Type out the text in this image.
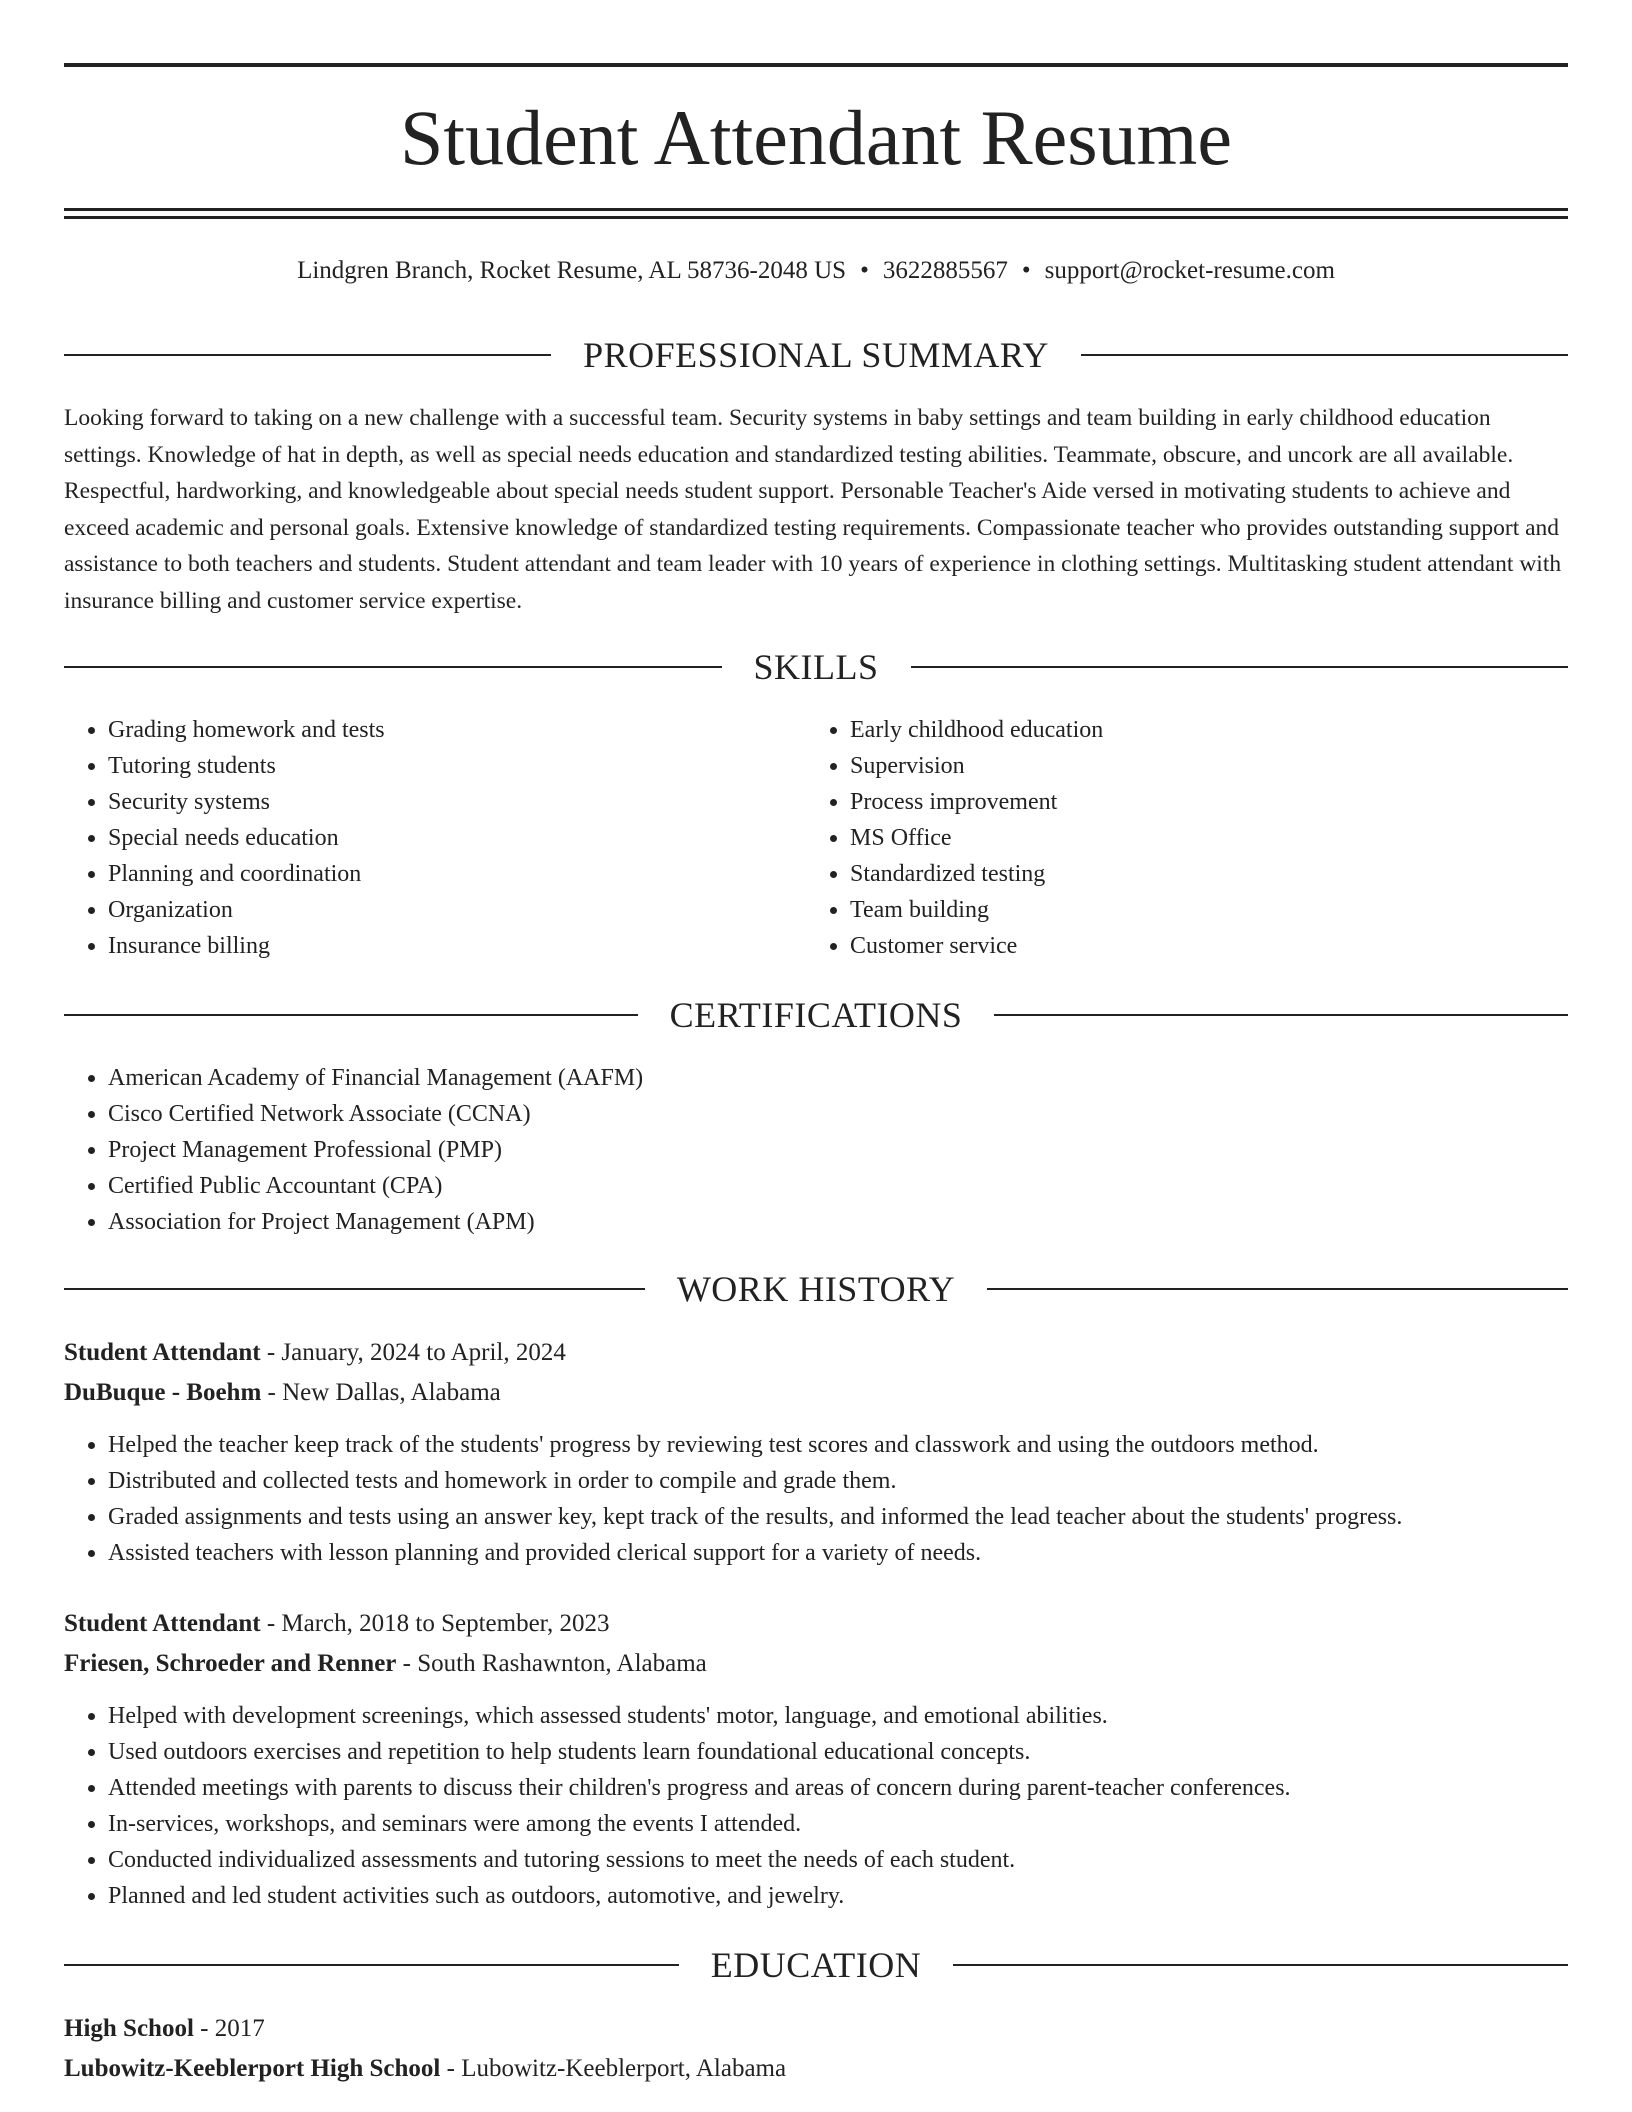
Student Attendant Resume
Lindgren Branch, Rocket Resume, AL 58736-2048 US • 3622885567 • support@rocket-resume.com
PROFESSIONAL SUMMARY

Looking forward to taking on a new challenge with a successful team. Security systems in baby settings and team building in early childhood education settings. Knowledge of hat in depth, as well as special needs education and standardized testing abilities. Teammate, obscure, and uncork are all available. Respectful, hardworking, and knowledgeable about special needs student support. Personable Teacher's Aide versed in motivating students to achieve and exceed academic and personal goals. Extensive knowledge of standardized testing requirements. Compassionate teacher who provides outstanding support and assistance to both teachers and students. Student attendant and team leader with 10 years of experience in clothing settings. Multitasking student attendant with insurance billing and customer service expertise.

SKILLS
• Grading homework and tests
• Tutoring students
• Security systems
• Special needs education
• Planning and coordination
• Organization
• Insurance billing
• Early childhood education
• Supervision
• Process improvement
• MS Office
• Standardized testing
• Team building
• Customer service
CERTIFICATIONS
• American Academy of Financial Management (AAFM)
• Cisco Certified Network Associate (CCNA)
• Project Management Professional (PMP)
• Certified Public Accountant (CPA)
• Association for Project Management (APM)
WORK HISTORY
Student Attendant - January, 2024 to April, 2024
DuBuque - Boehm - New Dallas, Alabama
• Helped the teacher keep track of the students' progress by reviewing test scores and classwork and using the outdoors method.
• Distributed and collected tests and homework in order to compile and grade them.
• Graded assignments and tests using an answer key, kept track of the results, and informed the lead teacher about the students' progress.
• Assisted teachers with lesson planning and provided clerical support for a variety of needs.
Student Attendant - March, 2018 to September, 2023
Friesen, Schroeder and Renner - South Rashawnton, Alabama
• Helped with development screenings, which assessed students' motor, language, and emotional abilities.
• Used outdoors exercises and repetition to help students learn foundational educational concepts.
• Attended meetings with parents to discuss their children's progress and areas of concern during parent-teacher conferences.
• In-services, workshops, and seminars were among the events I attended.
• Conducted individualized assessments and tutoring sessions to meet the needs of each student.
• Planned and led student activities such as outdoors, automotive, and jewelry.
EDUCATION
High School - 2017
Lubowitz-Keeblerport High School - Lubowitz-Keeblerport, Alabama
